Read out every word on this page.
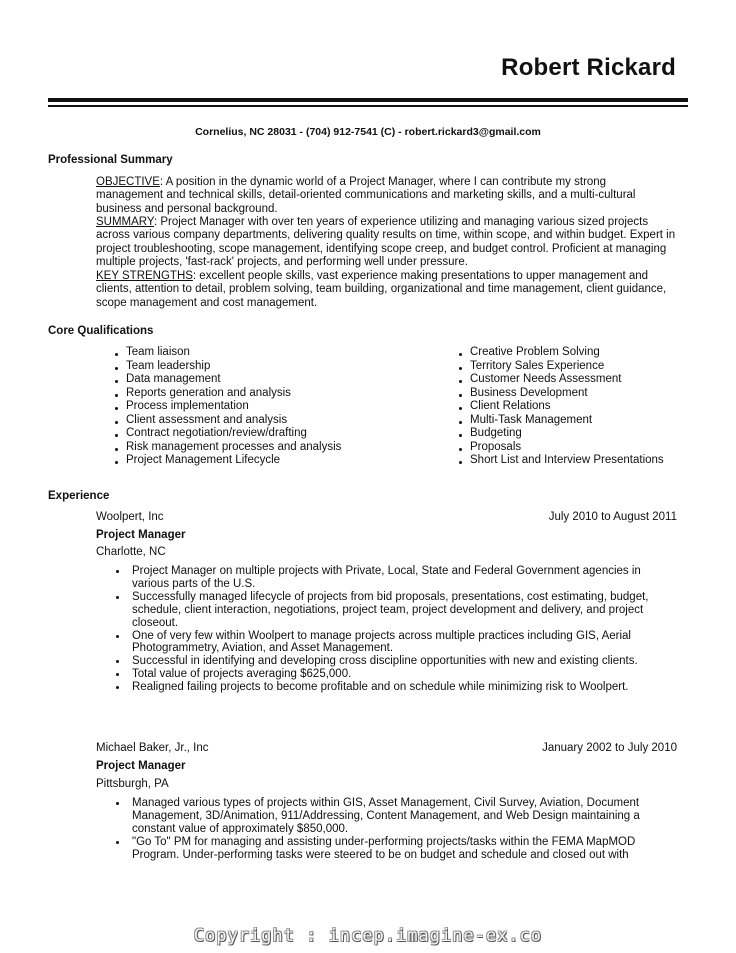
Robert Rickard
Cornelius, NC 28031 - (704) 912-7541 (C) - robert.rickard3@gmail.com
Professional Summary
OBJECTIVE: A position in the dynamic world of a Project Manager, where I can contribute my strong management and technical skills, detail-oriented communications and marketing skills, and a multi-cultural business and personal background.
SUMMARY: Project Manager with over ten years of experience utilizing and managing various sized projects across various company departments, delivering quality results on time, within scope, and within budget. Expert in project troubleshooting, scope management, identifying scope creep, and budget control. Proficient at managing multiple projects, 'fast-rack' projects, and performing well under pressure.
KEY STRENGTHS: excellent people skills, vast experience making presentations to upper management and clients, attention to detail, problem solving, team building, organizational and time management, client guidance, scope management and cost management.
Core Qualifications
Team liaison
Team leadership
Data management
Reports generation and analysis
Process implementation
Client assessment and analysis
Contract negotiation/review/drafting
Risk management processes and analysis
Project Management Lifecycle
Creative Problem Solving
Territory Sales Experience
Customer Needs Assessment
Business Development
Client Relations
Multi-Task Management
Budgeting
Proposals
Short List and Interview Presentations
Experience
Woolpert, Inc	July 2010 to August 2011
Project Manager
Charlotte, NC
Project Manager on multiple projects with Private, Local, State and Federal Government agencies in various parts of the U.S.
Successfully managed lifecycle of projects from bid proposals, presentations, cost estimating, budget, schedule, client interaction, negotiations, project team, project development and delivery, and project closeout.
One of very few within Woolpert to manage projects across multiple practices including GIS, Aerial Photogrammetry, Aviation, and Asset Management.
Successful in identifying and developing cross discipline opportunities with new and existing clients.
Total value of projects averaging $625,000.
Realigned failing projects to become profitable and on schedule while minimizing risk to Woolpert.
Michael Baker, Jr., Inc	January 2002 to July 2010
Project Manager
Pittsburgh, PA
Managed various types of projects within GIS, Asset Management, Civil Survey, Aviation, Document Management, 3D/Animation, 911/Addressing, Content Management, and Web Design maintaining a constant value of approximately $850,000.
"Go To" PM for managing and assisting under-performing projects/tasks within the FEMA MapMOD Program. Under-performing tasks were steered to be on budget and schedule and closed out with
Copyright : incep.imagine-ex.co
